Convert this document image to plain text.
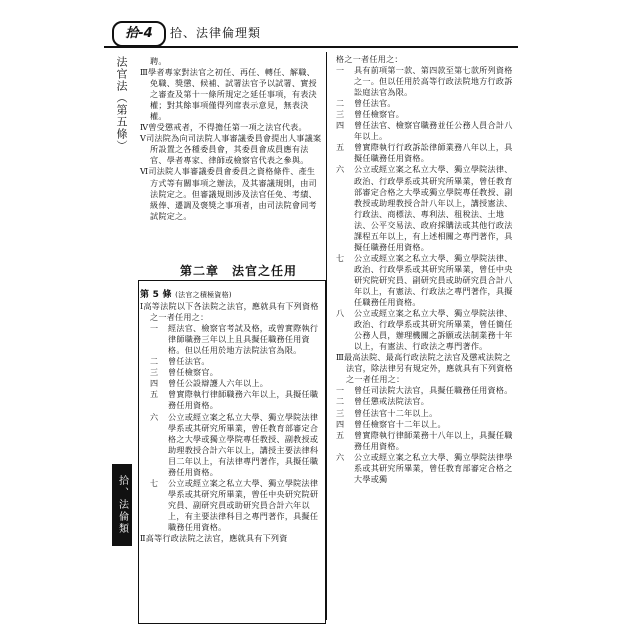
拾-4	拾、法律倫理類
法官法（第五條）
拾、法倫類

聘。

Ⅲ學者專家對法官之初任、再任、轉任、解職、免職、獎懲、候補、試署法官予以試署、實授之審查及第十一條所規定之延任事項，有表決權；對其餘事項僅得列席表示意見，無表決權。

Ⅳ曾受懲戒者，不得擔任第一項之法官代表。

Ⅴ司法院為向司法院人事審議委員會提出人事議案所設置之各種委員會，其委員會成員應有法官、學者專家、律師或檢察官代表之參與。

Ⅵ司法院人事審議委員會委員之資格條件、產生方式等有關事項之辦法，及其審議規則，由司法院定之。但審議規則涉及法官任免、考績、級俸、遷調及褒獎之事項者，由司法院會同考試院定之。

第二章　法官之任用

第 5 條 (法官之積極資格)

Ⅰ高等法院以下各法院之法官，應就具有下列資格之一者任用之：

一	經法官、檢察官考試及格，或曾實際執行律師職務三年以上且具擬任職務任用資格。但以任用於地方法院法官為限。
二	曾任法官。
三	曾任檢察官。
四	曾任公設辯護人六年以上。
五	曾實際執行律師職務六年以上，具擬任職務任用資格。
六	公立或經立案之私立大學、獨立學院法律學系或其研究所畢業，曾任教育部審定合格之大學或獨立學院專任教授、副教授或助理教授合計六年以上，講授主要法律科目二年以上，有法律專門著作，具擬任職務任用資格。
七	公立或經立案之私立大學、獨立學院法律學系或其研究所畢業，曾任中央研究院研究員、副研究員或助研究員合計六年以上，有主要法律科目之專門著作，具擬任職務任用資格。

Ⅱ高等行政法院之法官，應就具有下列資

格之一者任用之：

一	具有前項第一款、第四款至第七款所列資格之一。但以任用於高等行政法院地方行政訴訟庭法官為限。
二	曾任法官。
三	曾任檢察官。
四	曾任法官、檢察官職務並任公務人員合計八年以上。
五	曾實際執行行政訴訟律師業務八年以上，具擬任職務任用資格。
六	公立或經立案之私立大學、獨立學院法律、政治、行政學系或其研究所畢業，曾任教育部審定合格之大學或獨立學院專任教授、副教授或助理教授合計八年以上，講授憲法、行政法、商標法、專利法、租稅法、土地法、公平交易法、政府採購法或其他行政法課程五年以上，有上述相關之專門著作，具擬任職務任用資格。
七	公立或經立案之私立大學、獨立學院法律、政治、行政學系或其研究所畢業，曾任中央研究院研究員、副研究員或助研究員合計八年以上，有憲法、行政法之專門著作，具擬任職務任用資格。
八	公立或經立案之私立大學、獨立學院法律、政治、行政學系或其研究所畢業，曾任簡任公務人員，辦理機關之訴願或法制業務十年以上，有憲法、行政法之專門著作。

Ⅲ最高法院、最高行政法院之法官及懲戒法院之法官，除法律另有規定外，應就具有下列資格之一者任用之：

一	曾任司法院大法官，具擬任職務任用資格。
二	曾任懲戒法院法官。
三	曾任法官十二年以上。
四	曾任檢察官十二年以上。
五	曾實際執行律師業務十八年以上，具擬任職務任用資格。
六	公立或經立案之私立大學、獨立學院法律學系或其研究所畢業，曾任教育部審定合格之大學或獨
